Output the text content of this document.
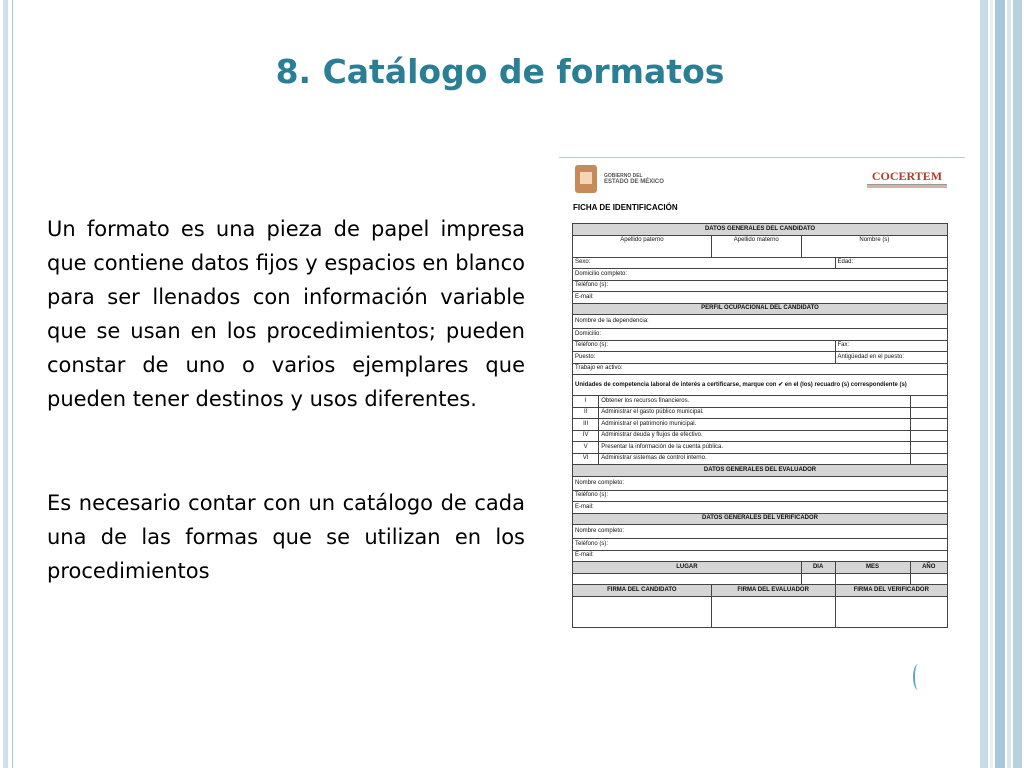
8. Catálogo de formatos
Un formato es una pieza de papel impresa que contiene datos fijos y espacios en blanco para ser llenados con información variable que se usan en los procedimientos; pueden constar de uno o varios ejemplares que pueden tener destinos y usos diferentes.
Es necesario contar con un catálogo de cada una de las formas que se utilizan en los procedimientos
GOBIERNO DEL
ESTADO DE MÉXICO	COCERTEM
FICHA DE IDENTIFICACIÓN
DATOS GENERALES DEL CANDIDATO					
Apellido paterno		Apellido materno	Nombre (s)		
Sexo:				Edad:	
Domicilio completo:					
Teléfono (s):					
E-mail:					
PERFIL OCUPACIONAL DEL CANDIDATO					
Nombre de la dependencia:					
Domicilio:					
Teléfono (s):				Fax:	
Puesto:				Antigüedad en el puesto:	
Trabajo en activo:					
Unidades de competencia laboral de interés a certificarse, marque con ✔ en el (los) recuadro (s) correspondiente (s)					
I	Obtener los recursos financieros.				
II	Administrar el gasto público municipal.				
III	Administrar el patrimonio municipal.				
IV	Administrar deuda y flujos de efectivo.				
V	Presentar la información de la cuenta pública.				
VI	Administrar sistemas de control interno.				
DATOS GENERALES DEL EVALUADOR					
Nombre completo:					
Teléfono (s):					
E-mail:					
DATOS GENERALES DEL VERIFICADOR					
Nombre completo:					
Teléfono (s):					
E-mail:					
LUGAR			DIA	MES	AÑO

FIRMA DEL CANDIDATO		FIRMA DEL EVALUADOR		FIRMA DEL VERIFICADOR	
